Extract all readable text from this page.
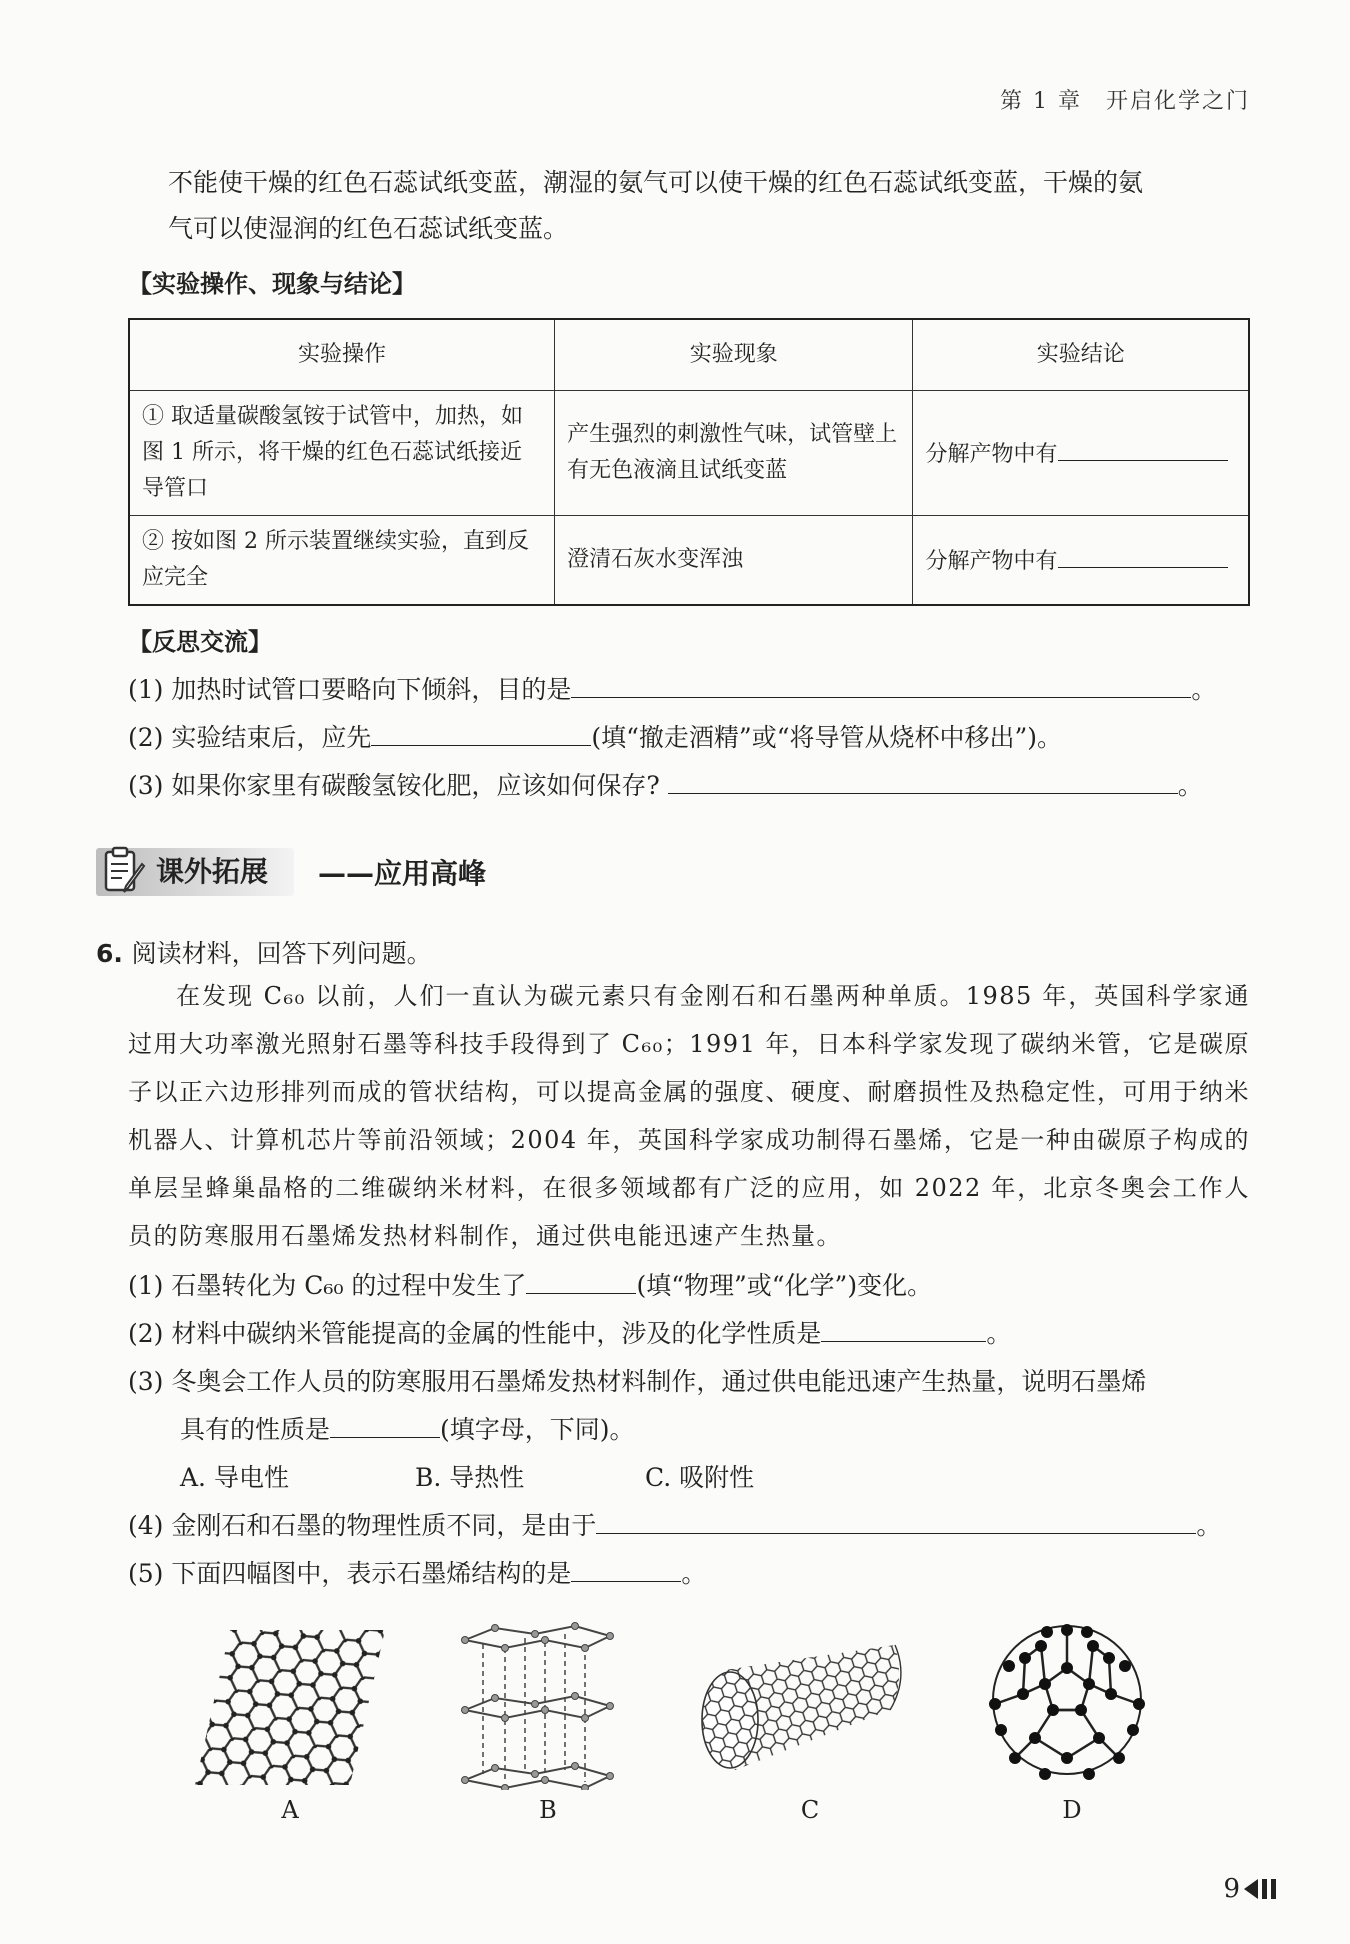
第 1 章　开启化学之门
不能使干燥的红色石蕊试纸变蓝，潮湿的氨气可以使干燥的红色石蕊试纸变蓝，干燥的氨
气可以使湿润的红色石蕊试纸变蓝。
【实验操作、现象与结论】
实验操作	实验现象	实验结论
① 取适量碳酸氢铵于试管中，加热，如图 1 所示，将干燥的红色石蕊试纸接近导管口	产生强烈的刺激性气味，试管壁上有无色液滴且试纸变蓝	分解产物中有
② 按如图 2 所示装置继续实验，直到反应完全	澄清石灰水变浑浊	分解产物中有
【反思交流】
(1) 加热时试管口要略向下倾斜，目的是	。
(2) 实验结束后，应先	(填“撤走酒精”或“将导管从烧杯中移出”)。
(3) 如果你家里有碳酸氢铵化肥，应该如何保存?	。
课外拓展	——应用高峰
6. 阅读材料，回答下列问题。

在发现 C₆₀ 以前，人们一直认为碳元素只有金刚石和石墨两种单质。1985 年，英国科学家通过用大功率激光照射石墨等科技手段得到了 C₆₀；1991 年，日本科学家发现了碳纳米管，它是碳原子以正六边形排列而成的管状结构，可以提高金属的强度、硬度、耐磨损性及热稳定性，可用于纳米机器人、计算机芯片等前沿领域；2004 年，英国科学家成功制得石墨烯，它是一种由碳原子构成的单层呈蜂巢晶格的二维碳纳米材料，在很多领域都有广泛的应用，如 2022 年，北京冬奥会工作人员的防寒服用石墨烯发热材料制作，通过供电能迅速产生热量。

(1) 石墨转化为 C₆₀ 的过程中发生了	(填“物理”或“化学”)变化。
(2) 材料中碳纳米管能提高的金属的性能中，涉及的化学性质是	。
(3) 冬奥会工作人员的防寒服用石墨烯发热材料制作，通过供电能迅速产生热量，说明石墨烯
具有的性质是	(填字母，下同)。
A. 导电性	B. 导热性	C. 吸附性
(4) 金刚石和石墨的物理性质不同，是由于	。
(5) 下面四幅图中，表示石墨烯结构的是	。
A	B	C	D
9
